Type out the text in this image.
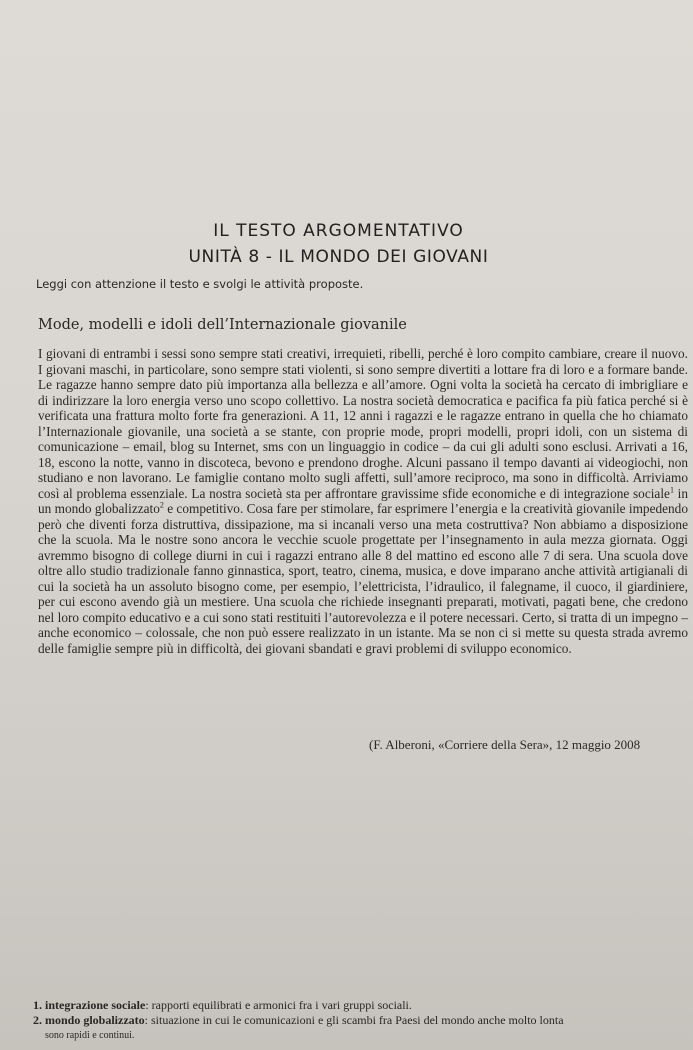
IL TESTO ARGOMENTATIVO
UNITÀ 8 - IL MONDO DEI GIOVANI

Leggi con attenzione il testo e svolgi le attività proposte.

Mode, modelli e idoli dell’Internazionale giovanile

I giovani di entrambi i sessi sono sempre stati creativi, irrequieti, ribelli, perché è loro compito cambiare, creare il nuovo. I giovani maschi, in particolare, sono sempre stati violenti, si sono sempre divertiti a lottare fra di loro e a formare bande. Le ragazze hanno sempre dato più importanza alla bellezza e all’amore. Ogni volta la società ha cercato di imbrigliare e di indirizzare la loro energia verso uno scopo collettivo. La nostra società democratica e pacifica fa più fatica perché si è verificata una frattura molto forte fra generazioni. A 11, 12 anni i ragazzi e le ragazze entrano in quella che ho chiamato l’Internazionale giovanile, una società a se stante, con proprie mode, propri modelli, propri idoli, con un sistema di comunicazione – email, blog su Internet, sms con un linguaggio in codice – da cui gli adulti sono esclusi. Arrivati a 16, 18, escono la notte, vanno in discoteca, bevono e prendono droghe. Alcuni passano il tempo davanti ai videogiochi, non studiano e non lavorano. Le famiglie contano molto sugli affetti, sull’amore reciproco, ma sono in difficoltà. Arriviamo così al problema essenziale. La nostra società sta per affrontare gravissime sfide economiche e di integrazione sociale$^1$ in un mondo globalizzato$^2$ e competitivo. Cosa fare per stimolare, far esprimere l’energia e la creatività giovanile impedendo però che diventi forza distruttiva, dissipazione, ma si incanali verso una meta costruttiva? Non abbiamo a disposizione che la scuola. Ma le nostre sono ancora le vecchie scuole progettate per l’insegnamento in aula mezza giornata. Oggi avremmo bisogno di college diurni in cui i ragazzi entrano alle 8 del mattino ed escono alle 7 di sera. Una scuola dove oltre allo studio tradizionale fanno ginnastica, sport, teatro, cinema, musica, e dove imparano anche attività artigianali di cui la società ha un assoluto bisogno come, per esempio, l’elettricista, l’idraulico, il falegname, il cuoco, il giardiniere, per cui escono avendo già un mestiere. Una scuola che richiede insegnanti preparati, motivati, pagati bene, che credono nel loro compito educativo e a cui sono stati restituiti l’autorevolezza e il potere necessari. Certo, si tratta di un impegno – anche economico – colossale, che non può essere realizzato in un istante. Ma se non ci si mette su questa strada avremo delle famiglie sempre più in difficoltà, dei giovani sbandati e gravi problemi di sviluppo economico.

(F. Alberoni, «Corriere della Sera», 12 maggio 2008

1. integrazione sociale: rapporti equilibrati e armonici fra i vari gruppi sociali.

2. mondo globalizzato: situazione in cui le comunicazioni e gli scambi fra Paesi del mondo anche molto lonta

sono rapidi e continui.
